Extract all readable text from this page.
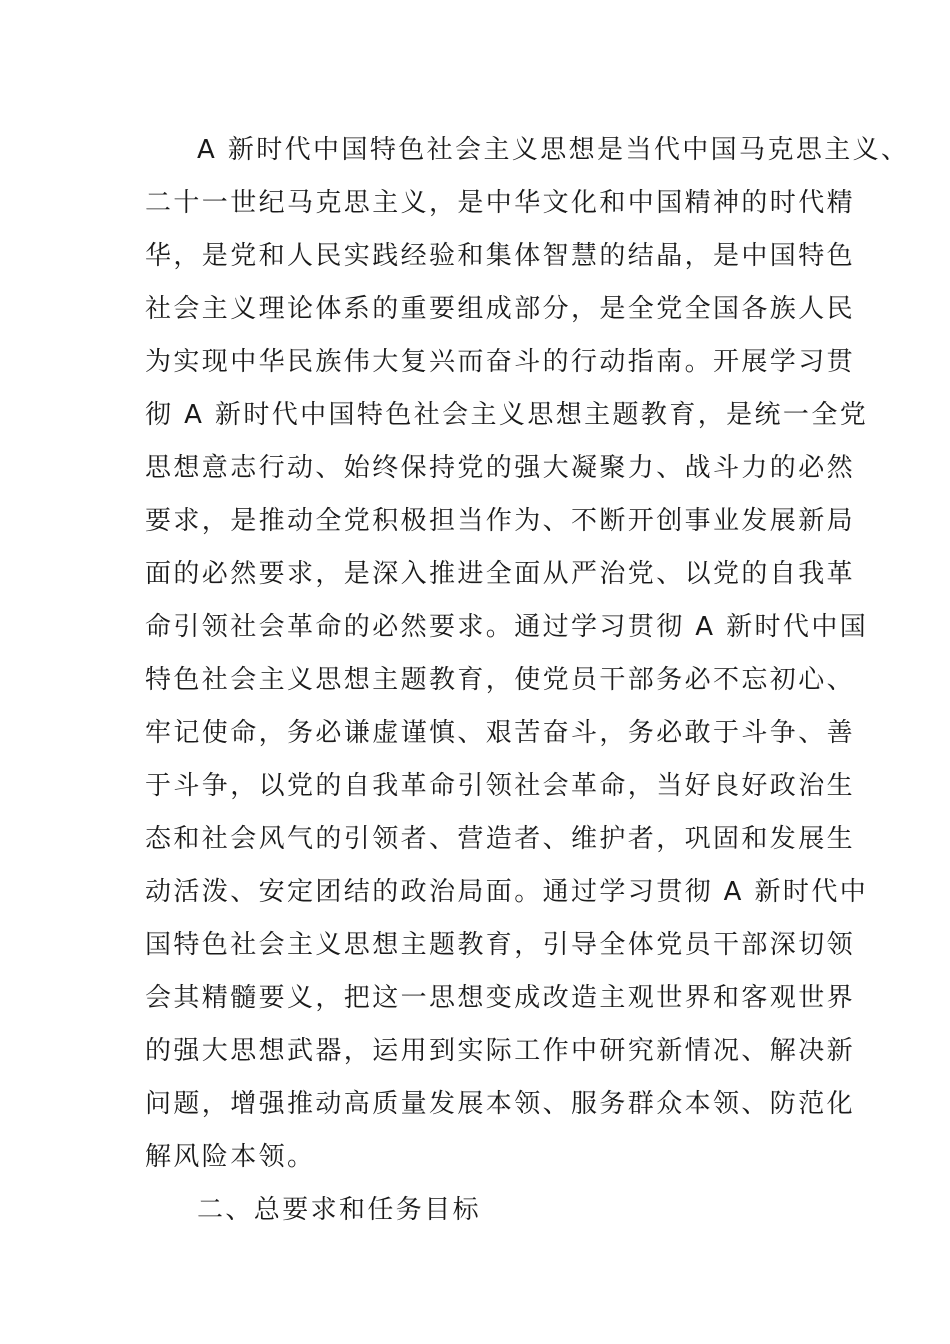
A 新时代中国特色社会主义思想是当代中国马克思主义、
二十一世纪马克思主义，是中华文化和中国精神的时代精
华，是党和人民实践经验和集体智慧的结晶，是中国特色
社会主义理论体系的重要组成部分，是全党全国各族人民
为实现中华民族伟大复兴而奋斗的行动指南。开展学习贯
彻 A 新时代中国特色社会主义思想主题教育，是统一全党
思想意志行动、始终保持党的强大凝聚力、战斗力的必然
要求，是推动全党积极担当作为、不断开创事业发展新局
面的必然要求，是深入推进全面从严治党、以党的自我革
命引领社会革命的必然要求。通过学习贯彻 A 新时代中国
特色社会主义思想主题教育，使党员干部务必不忘初心、
牢记使命，务必谦虚谨慎、艰苦奋斗，务必敢于斗争、善
于斗争，以党的自我革命引领社会革命，当好良好政治生
态和社会风气的引领者、营造者、维护者，巩固和发展生
动活泼、安定团结的政治局面。通过学习贯彻 A 新时代中
国特色社会主义思想主题教育，引导全体党员干部深切领
会其精髓要义，把这一思想变成改造主观世界和客观世界
的强大思想武器，运用到实际工作中研究新情况、解决新
问题，增强推动高质量发展本领、服务群众本领、防范化
解风险本领。
二、总要求和任务目标
